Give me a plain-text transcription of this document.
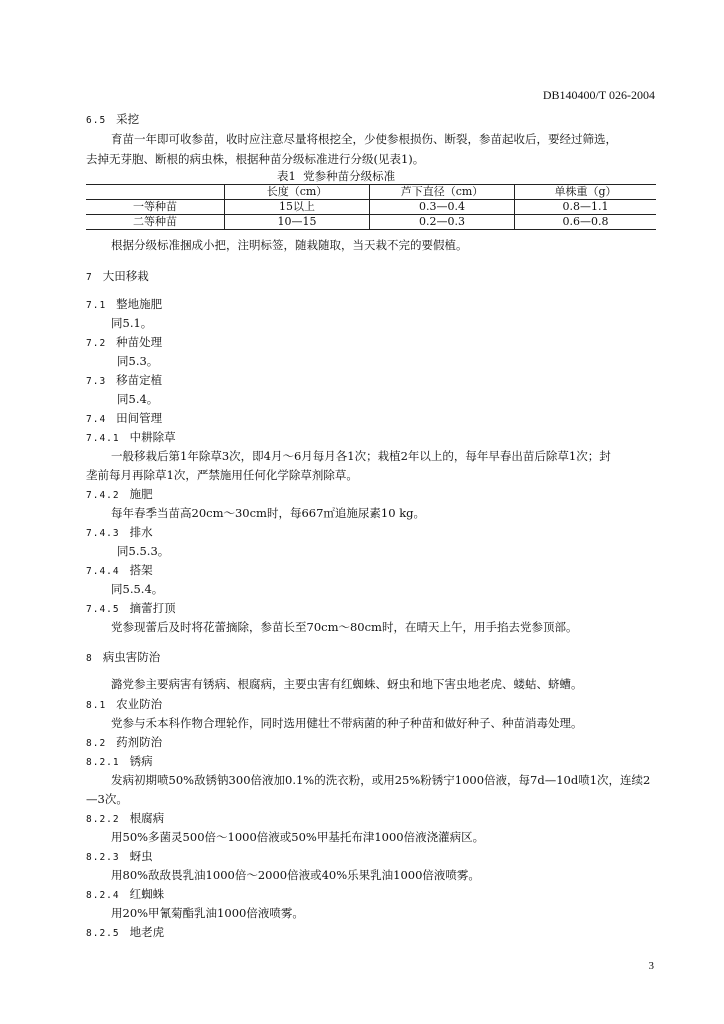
DB140400/T 026-2004
6.5 采挖
育苗一年即可收参苗，收时应注意尽量将根挖全，少使参根损伤、断裂，参苗起收后，要经过筛选，
去掉无芽胞、断根的病虫株，根据种苗分级标准进行分级(见表1)。
表1 党参种苗分级标准
	长度（cm）	芦下直径（cm）	单株重（g）
一等种苗	15以上	0.3—0.4	0.8—1.1
二等种苗	10—15	0.2—0.3	0.6—0.8
根据分级标准捆成小把，注明标签，随栽随取，当天栽不完的要假植。
7 大田移栽
7.1 整地施肥
同5.1。
7.2 种苗处理
同5.3。
7.3 移苗定植
同5.4。
7.4 田间管理
7.4.1 中耕除草
一般移栽后第1年除草3次，即4月～6月每月各1次；栽植2年以上的，每年早春出苗后除草1次；封
垄前每月再除草1次，严禁施用任何化学除草剂除草。
7.4.2 施肥
每年春季当苗高20cm～30cm时，每667㎡追施尿素10 kg。
7.4.3 排水
同5.5.3。
7.4.4 搭架
同5.5.4。
7.4.5 摘蕾打顶
党参现蕾后及时将花蕾摘除，参苗长至70cm～80cm时，在晴天上午，用手掐去党参顶部。
8 病虫害防治
潞党参主要病害有锈病、根腐病，主要虫害有红蜘蛛、蚜虫和地下害虫地老虎、蝼蛄、蛴螬。
8.1 农业防治
党参与禾本科作物合理轮作，同时选用健壮不带病菌的种子种苗和做好种子、种苗消毒处理。
8.2 药剂防治
8.2.1 锈病
发病初期喷50%敌锈钠300倍液加0.1%的洗衣粉，或用25%粉锈宁1000倍液，每7d—10d喷1次，连续2
—3次。
8.2.2 根腐病
用50%多菌灵500倍～1000倍液或50%甲基托布津1000倍液浇灌病区。
8.2.3 蚜虫
用80%敌敌畏乳油1000倍～2000倍液或40%乐果乳油1000倍液喷雾。
8.2.4 红蜘蛛
用20%甲氰菊酯乳油1000倍液喷雾。
8.2.5 地老虎
3
